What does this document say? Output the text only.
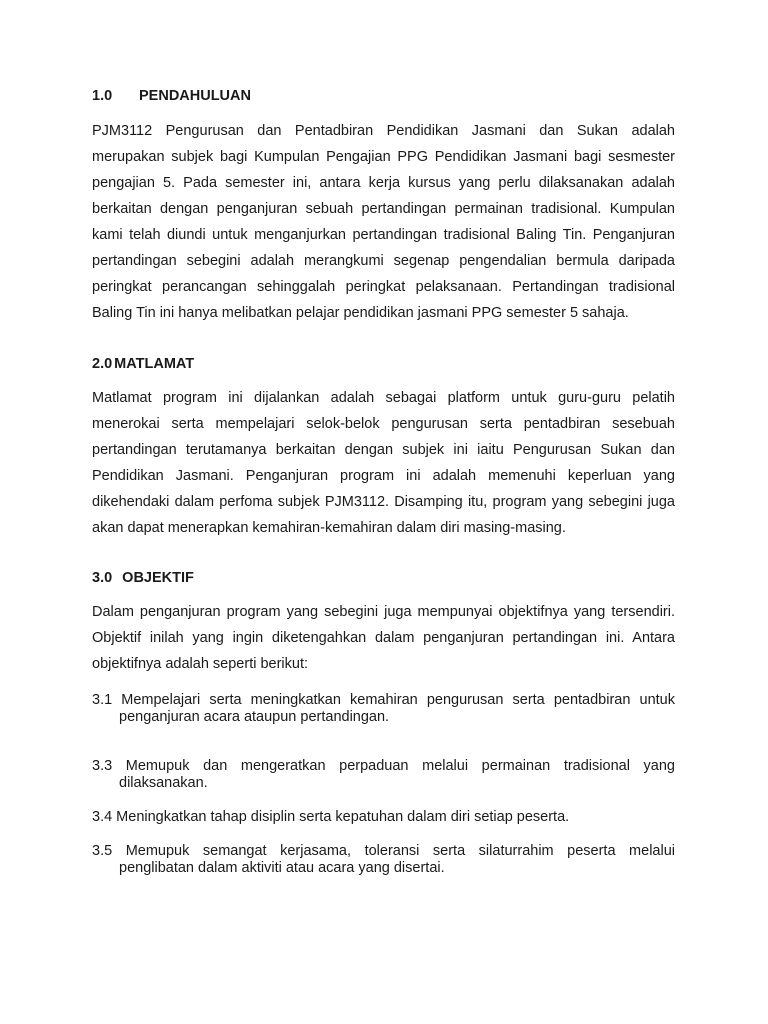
1.0	PENDAHULUAN

PJM3112 Pengurusan dan Pentadbiran Pendidikan Jasmani dan Sukan adalah merupakan subjek bagi Kumpulan Pengajian PPG Pendidikan Jasmani bagi sesmester pengajian 5. Pada semester ini, antara kerja kursus yang perlu dilaksanakan adalah berkaitan dengan penganjuran sebuah pertandingan permainan tradisional. Kumpulan kami telah diundi untuk menganjurkan pertandingan tradisional Baling Tin. Penganjuran pertandingan sebegini adalah merangkumi segenap pengendalian bermula daripada peringkat perancangan sehinggalah peringkat pelaksanaan. Pertandingan tradisional Baling Tin ini hanya melibatkan pelajar pendidikan jasmani PPG semester 5 sahaja.

2.0 MATLAMAT

Matlamat program ini dijalankan adalah sebagai platform untuk guru-guru pelatih menerokai serta mempelajari selok-belok pengurusan serta pentadbiran sesebuah pertandingan terutamanya berkaitan dengan subjek ini iaitu Pengurusan Sukan dan Pendidikan Jasmani. Penganjuran program ini adalah memenuhi keperluan yang dikehendaki dalam perfoma subjek PJM3112. Disamping itu, program yang sebegini juga akan dapat menerapkan kemahiran-kemahiran dalam diri masing-masing.

3.0 OBJEKTIF

Dalam penganjuran program yang sebegini juga mempunyai objektifnya yang tersendiri. Objektif inilah yang ingin diketengahkan dalam penganjuran pertandingan ini. Antara objektifnya adalah seperti berikut:

3.1 Mempelajari serta meningkatkan kemahiran pengurusan serta pentadbiran untuk penganjuran acara ataupun pertandingan.

3.3 Memupuk dan mengeratkan perpaduan melalui permainan tradisional yang dilaksanakan.

3.4 Meningkatkan tahap disiplin serta kepatuhan dalam diri setiap peserta.

3.5 Memupuk semangat kerjasama, toleransi serta silaturrahim peserta melalui penglibatan dalam aktiviti atau acara yang disertai.
